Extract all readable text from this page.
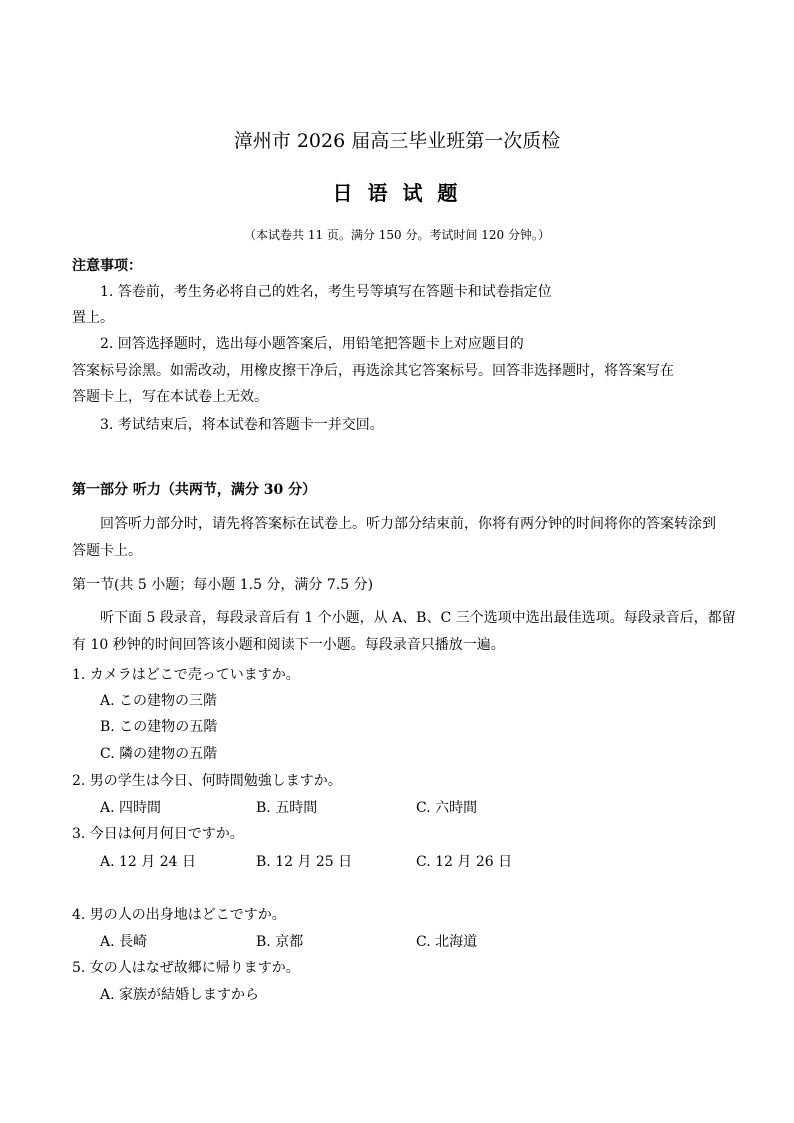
漳州市 2026 届高三毕业班第一次质检
日 语 试 题
（本试卷共 11 页。满分 150 分。考试时间 120 分钟。）
注意事项：
1. 答卷前，考生务必将自己的姓名，考生号等填写在答题卡和试卷指定位
置上。
2. 回答选择题时，选出每小题答案后，用铅笔把答题卡上对应题目的
答案标号涂黑。如需改动，用橡皮擦干净后，再选涂其它答案标号。回答非选择题时，将答案写在
答题卡上，写在本试卷上无效。
3. 考试结束后，将本试卷和答题卡一并交回。
第一部分 听力（共两节，满分 30 分）
回答听力部分时，请先将答案标在试卷上。听力部分结束前，你将有两分钟的时间将你的答案转涂到
答题卡上。
第一节(共 5 小题；每小题 1.5 分，满分 7.5 分)
听下面 5 段录音，每段录音后有 1 个小题，从 A、B、C 三个选项中选出最佳选项。每段录音后，都留
有 10 秒钟的时间回答该小题和阅读下一小题。每段录音只播放一遍。
1. カメラはどこで売っていますか。
A. この建物の三階
B. この建物の五階
C. 隣の建物の五階
2. 男の学生は今日、何時間勉強しますか。
A. 四時間	B. 五時間	C. 六時間
3. 今日は何月何日ですか。
A. 12 月 24 日	B. 12 月 25 日	C. 12 月 26 日
4. 男の人の出身地はどこですか。
A. 長崎	B. 京都	C. 北海道
5. 女の人はなぜ故郷に帰りますか。
A. 家族が結婚しますから
